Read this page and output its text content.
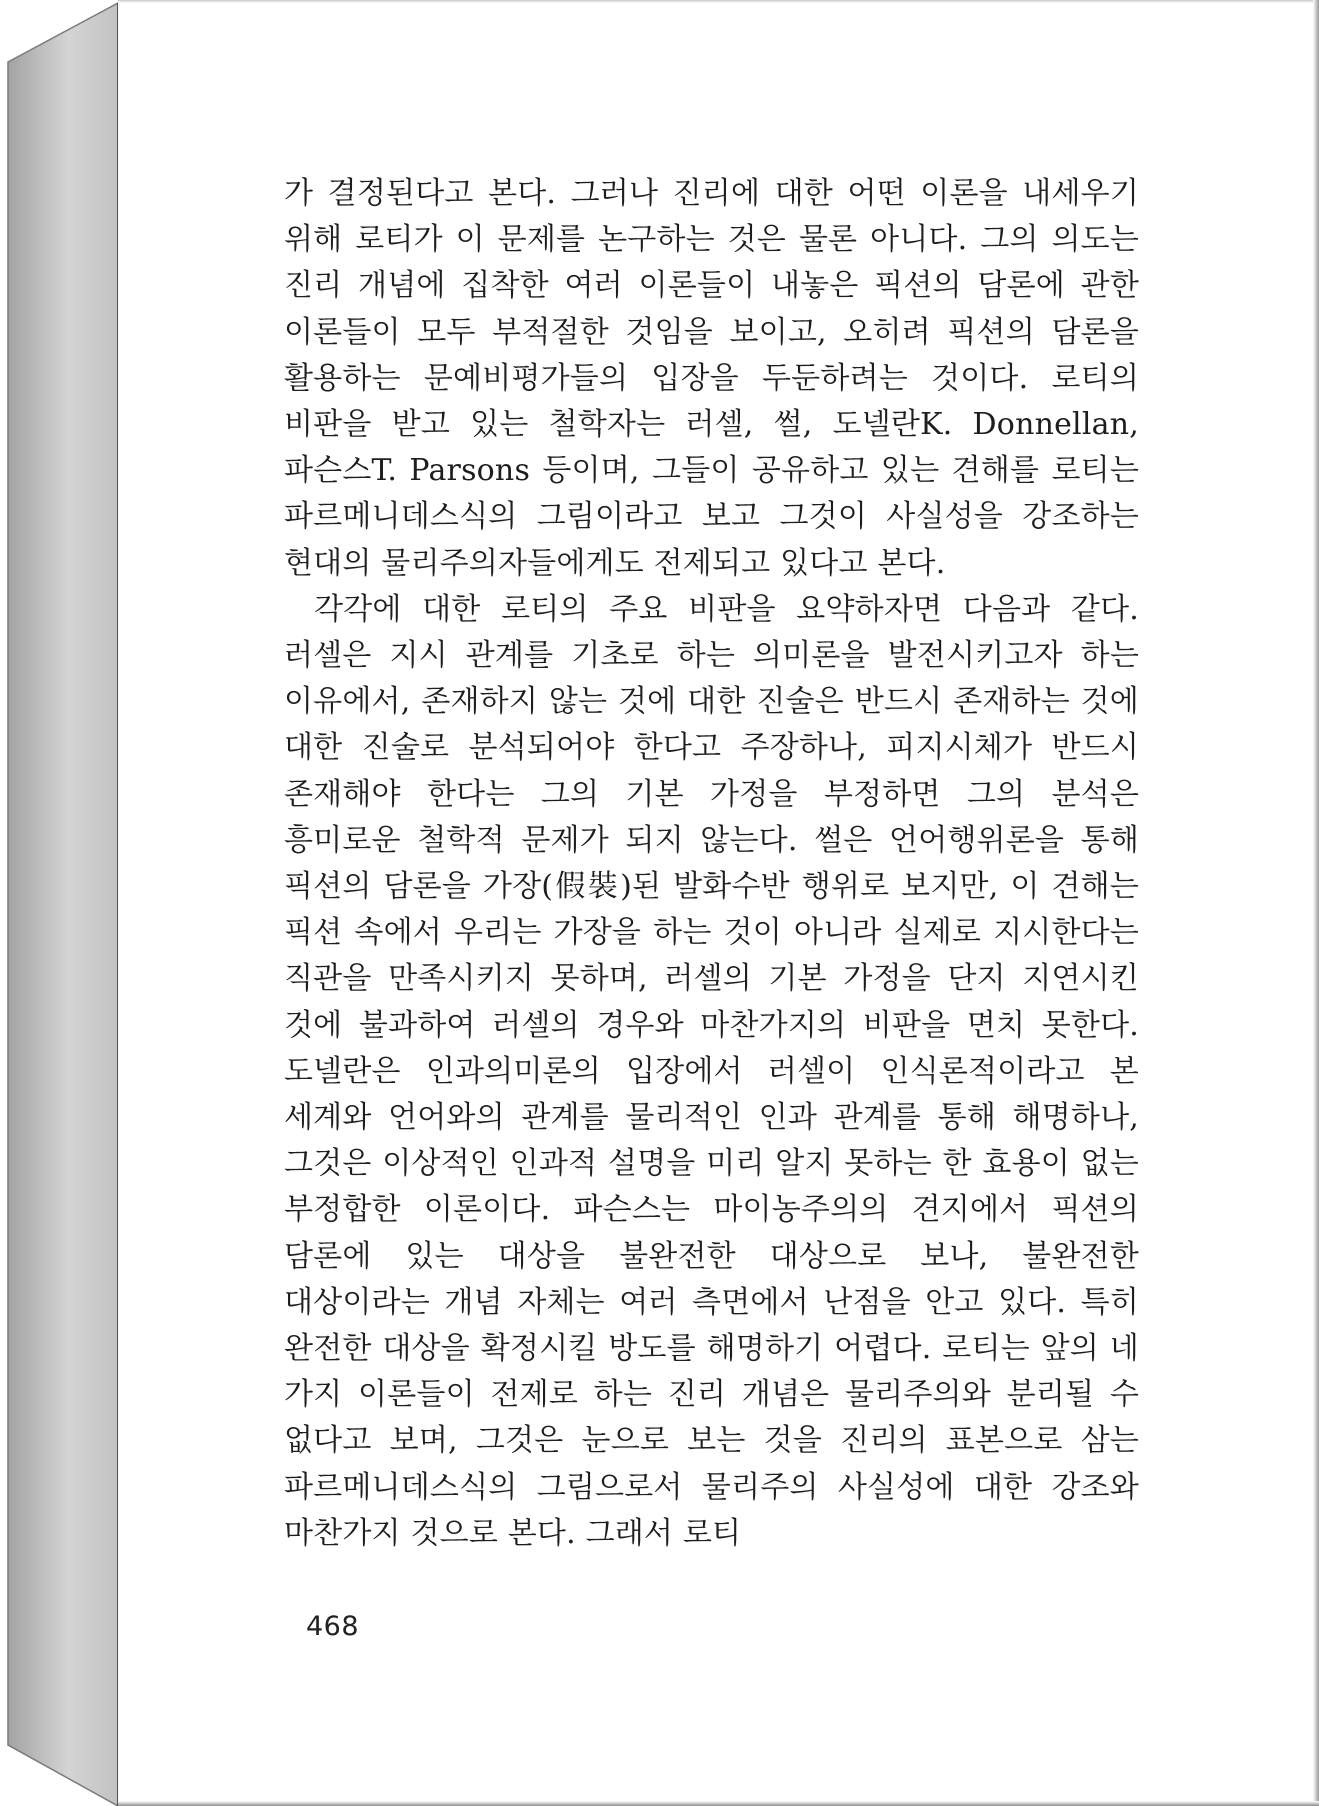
가 결정된다고 본다. 그러나 진리에 대한 어떤 이론을 내세우기 위해 로티가 이 문제를 논구하는 것은 물론 아니다. 그의 의도는 진리 개념에 집착한 여러 이론들이 내놓은 픽션의 담론에 관한 이론들이 모두 부적절한 것임을 보이고, 오히려 픽션의 담론을 활용하는 문예비평가들의 입장을 두둔하려는 것이다. 로티의 비판을 받고 있는 철학자는 러셀, 썰, 도넬란K. Donnellan, 파슨스T. Parsons 등이며, 그들이 공유하고 있는 견해를 로티는 파르메니데스식의 그림이라고 보고 그것이 사실성을 강조하는 현대의 물리주의자들에게도 전제되고 있다고 본다.

각각에 대한 로티의 주요 비판을 요약하자면 다음과 같다. 러셀은 지시 관계를 기초로 하는 의미론을 발전시키고자 하는 이유에서, 존재하지 않는 것에 대한 진술은 반드시 존재하는 것에 대한 진술로 분석되어야 한다고 주장하나, 피지시체가 반드시 존재해야 한다는 그의 기본 가정을 부정하면 그의 분석은 흥미로운 철학적 문제가 되지 않는다. 썰은 언어행위론을 통해 픽션의 담론을 가장(假裝)된 발화수반 행위로 보지만, 이 견해는 픽션 속에서 우리는 가장을 하는 것이 아니라 실제로 지시한다는 직관을 만족시키지 못하며, 러셀의 기본 가정을 단지 지연시킨 것에 불과하여 러셀의 경우와 마찬가지의 비판을 면치 못한다. 도넬란은 인과의미론의 입장에서 러셀이 인식론적이라고 본 세계와 언어와의 관계를 물리적인 인과 관계를 통해 해명하나, 그것은 이상적인 인과적 설명을 미리 알지 못하는 한 효용이 없는 부정합한 이론이다. 파슨스는 마이농주의의 견지에서 픽션의 담론에 있는 대상을 불완전한 대상으로 보나, 불완전한 대상이라는 개념 자체는 여러 측면에서 난점을 안고 있다. 특히 완전한 대상을 확정시킬 방도를 해명하기 어렵다. 로티는 앞의 네 가지 이론들이 전제로 하는 진리 개념은 물리주의와 분리될 수 없다고 보며, 그것은 눈으로 보는 것을 진리의 표본으로 삼는 파르메니데스식의 그림으로서 물리주의 사실성에 대한 강조와 마찬가지 것으로 본다. 그래서 로티

468
